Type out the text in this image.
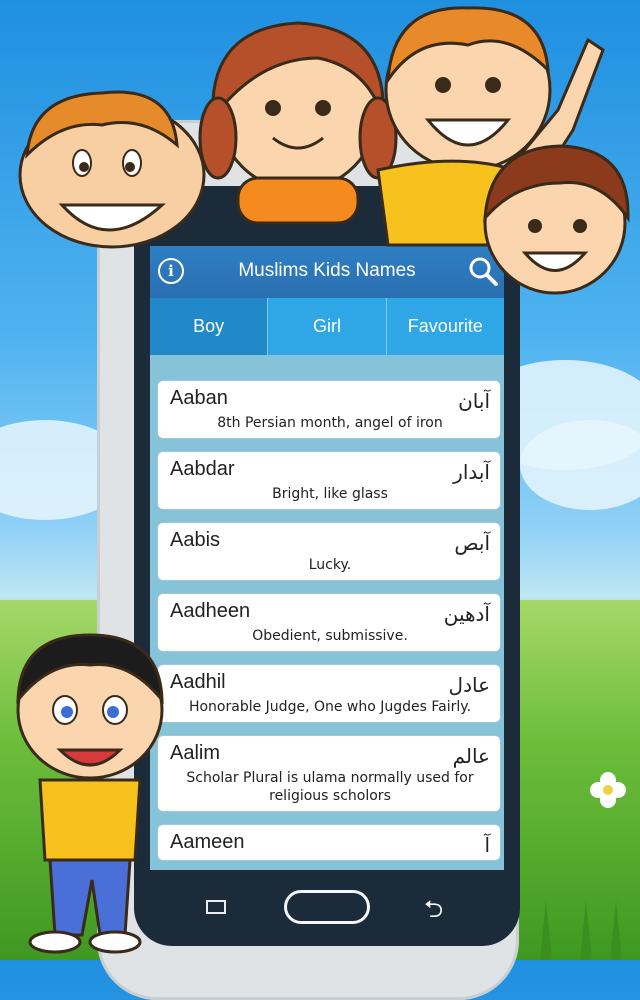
i	Muslims Kids Names
Boy	Girl	Favourite
Aaban	آبان
8th Persian month, angel of iron
Aabdar	آبدار
Bright, like glass
Aabis	آبص
Lucky.
Aadheen	آدهين
Obedient, submissive.
Aadhil	عادل
Honorable Judge, One who Jugdes Fairly.
Aalim	عالم
Scholar Plural is ulama normally used for religious scholors
Aameen	آ
⮌
